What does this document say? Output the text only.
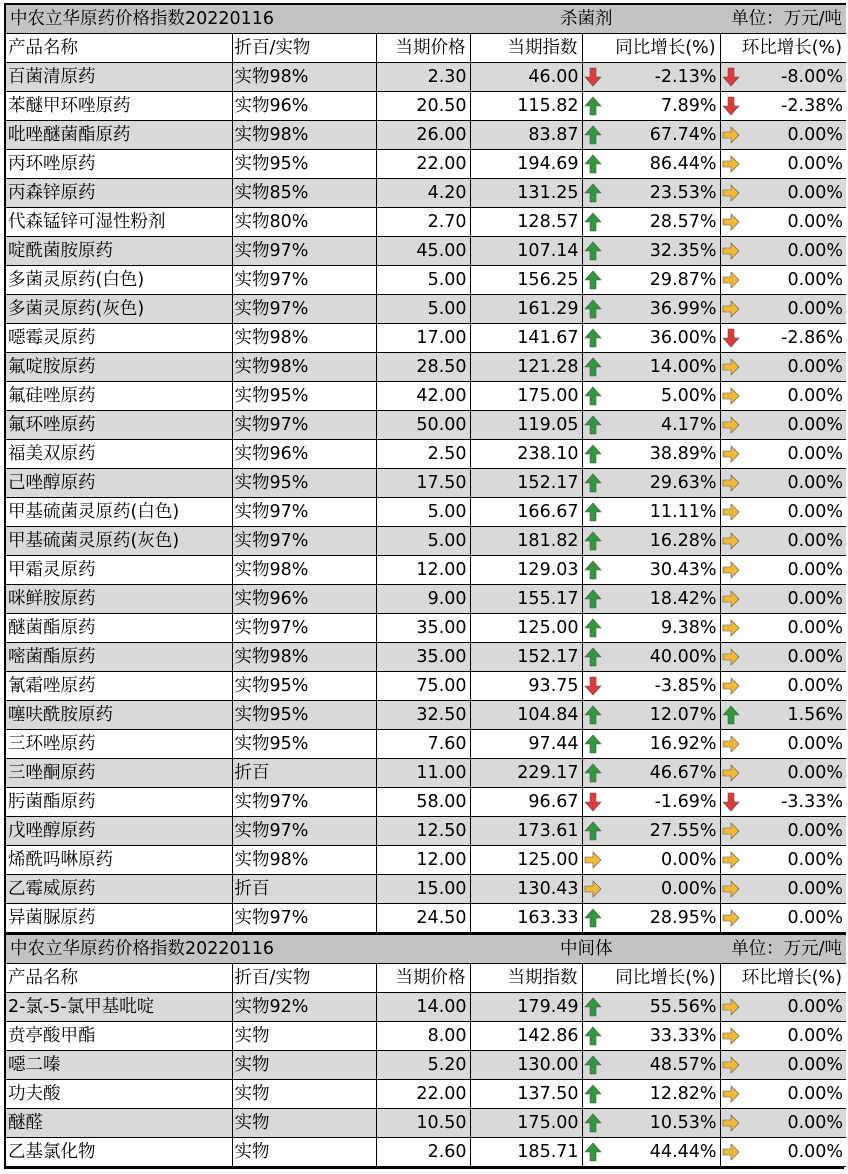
中农立华原药价格指数20220116			杀菌剂		单位：万元/吨
产品名称	折百/实物	当期价格	当期指数	同比增长(%)	环比增长(%)
百菌清原药	实物98%	2.30	46.00	-2.13%	-8.00%
苯醚甲环唑原药	实物96%	20.50	115.82	7.89%	-2.38%
吡唑醚菌酯原药	实物98%	26.00	83.87	67.74%	0.00%
丙环唑原药	实物95%	22.00	194.69	86.44%	0.00%
丙森锌原药	实物85%	4.20	131.25	23.53%	0.00%
代森锰锌可湿性粉剂	实物80%	2.70	128.57	28.57%	0.00%
啶酰菌胺原药	实物97%	45.00	107.14	32.35%	0.00%
多菌灵原药(白色)	实物97%	5.00	156.25	29.87%	0.00%
多菌灵原药(灰色)	实物97%	5.00	161.29	36.99%	0.00%
噁霉灵原药	实物98%	17.00	141.67	36.00%	-2.86%
氟啶胺原药	实物98%	28.50	121.28	14.00%	0.00%
氟硅唑原药	实物95%	42.00	175.00	5.00%	0.00%
氟环唑原药	实物97%	50.00	119.05	4.17%	0.00%
福美双原药	实物96%	2.50	238.10	38.89%	0.00%
己唑醇原药	实物95%	17.50	152.17	29.63%	0.00%
甲基硫菌灵原药(白色)	实物97%	5.00	166.67	11.11%	0.00%
甲基硫菌灵原药(灰色)	实物97%	5.00	181.82	16.28%	0.00%
甲霜灵原药	实物98%	12.00	129.03	30.43%	0.00%
咪鲜胺原药	实物96%	9.00	155.17	18.42%	0.00%
醚菌酯原药	实物97%	35.00	125.00	9.38%	0.00%
嘧菌酯原药	实物98%	35.00	152.17	40.00%	0.00%
氰霜唑原药	实物95%	75.00	93.75	-3.85%	0.00%
噻呋酰胺原药	实物95%	32.50	104.84	12.07%	1.56%
三环唑原药	实物95%	7.60	97.44	16.92%	0.00%
三唑酮原药	折百	11.00	229.17	46.67%	0.00%
肟菌酯原药	实物97%	58.00	96.67	-1.69%	-3.33%
戊唑醇原药	实物97%	12.50	173.61	27.55%	0.00%
烯酰吗啉原药	实物98%	12.00	125.00	0.00%	0.00%
乙霉威原药	折百	15.00	130.43	0.00%	0.00%
异菌脲原药	实物97%	24.50	163.33	28.95%	0.00%
中农立华原药价格指数20220116			中间体		单位：万元/吨
产品名称	折百/实物	当期价格	当期指数	同比增长(%)	环比增长(%)
2-氯-5-氯甲基吡啶	实物92%	14.00	179.49	55.56%	0.00%
贲亭酸甲酯	实物	8.00	142.86	33.33%	0.00%
噁二嗪	实物	5.20	130.00	48.57%	0.00%
功夫酸	实物	22.00	137.50	12.82%	0.00%
醚醛	实物	10.50	175.00	10.53%	0.00%
乙基氯化物	实物	2.60	185.71	44.44%	0.00%
